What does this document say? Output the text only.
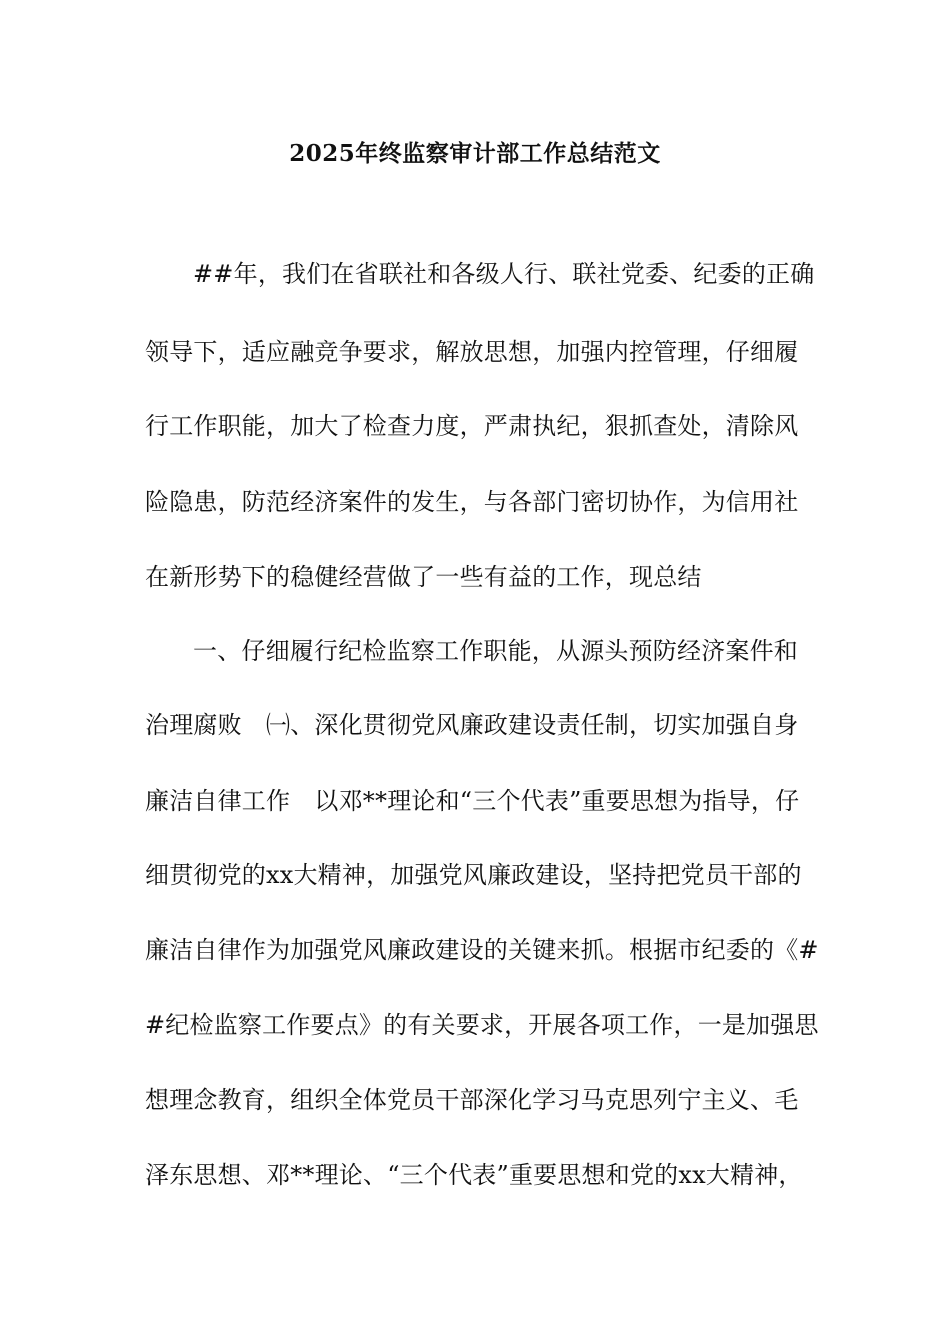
2025年终监察审计部工作总结范文
##年，我们在省联社和各级人行、联社党委、纪委的正确
领导下，适应融竞争要求，解放思想，加强内控管理，仔细履
行工作职能，加大了检查力度，严肃执纪，狠抓查处，清除风
险隐患，防范经济案件的发生，与各部门密切协作，为信用社
在新形势下的稳健经营做了一些有益的工作，现总结
一、仔细履行纪检监察工作职能，从源头预防经济案件和
治理腐败　㈠、深化贯彻党风廉政建设责任制，切实加强自身
廉洁自律工作　以邓**理论和“三个代表”重要思想为指导，仔
细贯彻党的xx大精神，加强党风廉政建设，坚持把党员干部的
廉洁自律作为加强党风廉政建设的关键来抓。根据市纪委的《#
#纪检监察工作要点》的有关要求，开展各项工作，一是加强思
想理念教育，组织全体党员干部深化学习马克思列宁主义、毛
泽东思想、邓**理论、“三个代表”重要思想和党的xx大精神，
